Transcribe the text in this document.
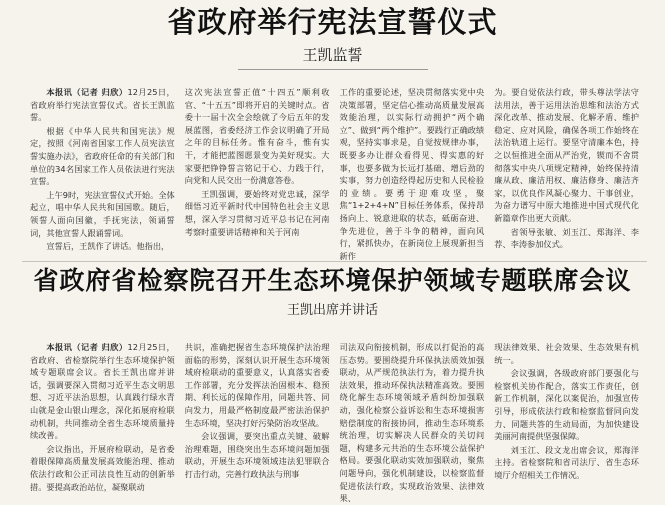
省政府举行宪法宣誓仪式
王凯监誓

本报讯（记者 归欣）12月25日，省政府举行宪法宣誓仪式。省长王凯监誓。

根据《中华人民共和国宪法》规定，按照《河南省国家工作人员宪法宣誓实施办法》，省政府任命的有关部门和单位的34名国家工作人员依法进行宪法宣誓。

上午9时，宪法宣誓仪式开始。全体起立，唱中华人民共和国国歌。随后，领誓人面向国徽，手抚宪法，领诵誓词，其他宣誓人跟诵誓词。

宣誓后，王凯作了讲话。他指出，

这次宪法宣誓正值“十四五”顺利收官、“十五五”即将开启的关键时点。省委十一届十次全会绘就了今后五年的发展蓝图，省委经济工作会议明确了开局之年的目标任务。惟有奋斗，惟有实干，才能把蓝图愿景变为美好现实。大家要把铮铮誓言铭记于心、力践于行，向党和人民交出一份满意答卷。

王凯强调，要始终对党忠诚，深学细悟习近平新时代中国特色社会主义思想，深入学习贯彻习近平总书记在河南考察时重要讲话精神和关于河南

工作的重要论述，坚决贯彻落实党中央决策部署，坚定信心推动高质量发展高效能治理，以实际行动拥护“两个确立”、做到“两个维护”。要践行正确政绩观，坚持实事求是，自觉按规律办事，既要多办让群众看得见、得实惠的好事，也要多做为长远打基础、增后劲的实事，努力创造经得起历史和人民检验的业绩。要勇于迎难攻坚，聚焦“1+2+4+N”目标任务体系，保持昂扬向上、锐意进取的状态，砥砺奋进、争先进位，善于斗争的精神，面向风行，紧抓快办，在新岗位上展现新担当新作

为。要自觉依法行政，带头尊法学法守法用法，善于运用法治思维和法治方式深化改革、推动发展、化解矛盾、维护稳定、应对风险，确保各项工作始终在法治轨道上运行。要坚守清廉本色，持之以恒推进全面从严治党，锲而不舍贯彻落实中央八项规定精神，始终保持清廉从政、廉洁用权、廉洁修身、廉洁齐家，以优良作风凝心聚力、干事创业，为奋力谱写中原大地推进中国式现代化新篇章作出更大贡献。

省领导张敏、刘玉江、郑海洋、李荐、李涛参加仪式。

省政府省检察院召开生态环境保护领域专题联席会议
王凯出席并讲话

本报讯（记者 归欣）12月25日，省政府、省检察院举行生态环境保护领域专题联席会议。省长王凯出席并讲话，强调要深入贯彻习近平生态文明思想、习近平法治思想，认真践行绿水青山就是金山银山理念，深化拓展府检联动机制，共同推动全省生态环境质量持续改善。

会议指出，开展府检联动，是省委着眼保障高质量发展高效能治理、推动依法行政和公正司法良性互动的创新举措。要提高政治站位，凝聚联动

共识，准确把握省生态环境保护法治理面临的形势，深刻认识开展生态环境领域府检联动的重要意义，认真落实省委工作部署，充分发挥法治固根本、稳预期、利长远的保障作用，同题共答、同向发力，用最严格制度最严密法治保护生态环境，坚决打好污染防治攻坚战。

会议强调，要突出重点关键、破解治理难题，围绕突出生态环境问题加强联动，开展生态环境领域违法犯罪联合打击行动，完善行政执法与刑事

司法双向衔接机制，形成以打促治的高压态势。要围绕提升环保执法质效加强联动，从严规范执法行为，着力提升执法效果，推动环保执法精准高效。要围绕化解生态环境领域矛盾纠纷加强联动，强化检察公益诉讼和生态环境损害赔偿制度的衔接协同，推动生态环境系统治理，切实解决人民群众的关切问题，构建多元共治的生态环境公益保护格局。要强化联动实效加强联动，聚焦问题导向，强化机制建设，以检察监督促进依法行政，实现政治效果、法律效果、

现法律效果、社会效果、生态效果有机统一。

会议强调，各级政府部门要强化与检察机关协作配合，落实工作责任，创新工作机制，深化以案促治，加强宣传引导，形成依法行政和检察监督同向发力、同题共答的生动局面，为加快建设美丽河南提供坚强保障。

刘玉江、段文龙出席会议，郑海洋主持。省检察院和省司法厅、省生态环境厅介绍相关工作情况。
